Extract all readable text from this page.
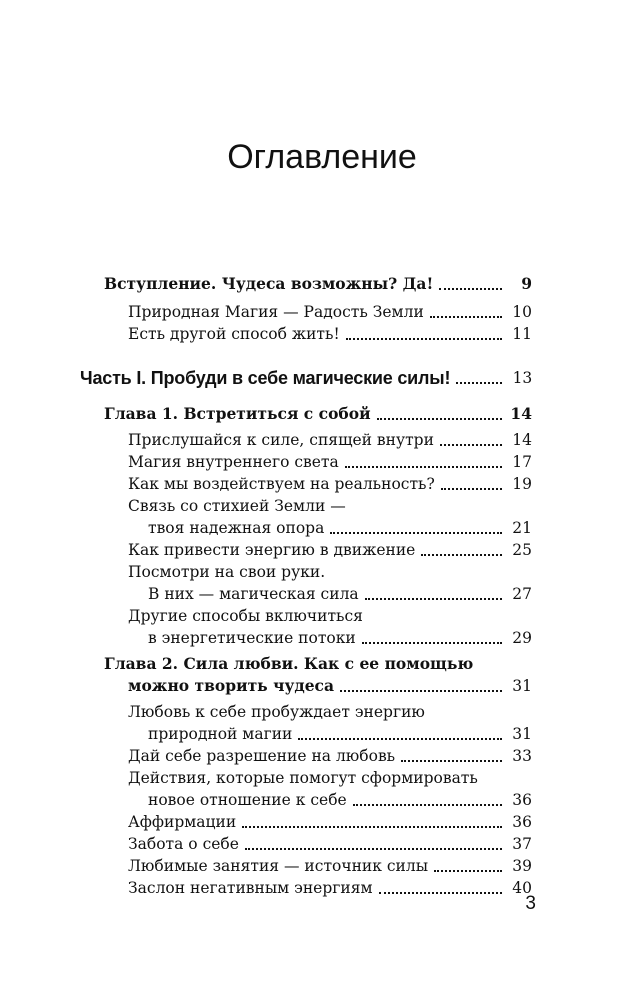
Оглавление
Вступление. Чудеса возможны? Да!	9
Природная Магия — Радость Земли	10
Есть другой способ жить!	11
Часть I. Пробуди в себе магические силы!	13
Глава 1. Встретиться с собой	14
Прислушайся к силе, спящей внутри	14
Магия внутреннего света	17
Как мы воздействуем на реальность?	19
Связь со стихией Земли —
твоя надежная опора	21
Как привести энергию в движение	25
Посмотри на свои руки.
В них — магическая сила	27
Другие способы включиться
в энергетические потоки	29
Глава 2. Сила любви. Как с ее помощью
можно творить чудеса	31
Любовь к себе пробуждает энергию
природной магии	31
Дай себе разрешение на любовь	33
Действия, которые помогут сформировать
новое отношение к себе	36
Аффирмации	36
Забота о себе	37
Любимые занятия — источник силы	39
Заслон негативным энергиям	40
3
